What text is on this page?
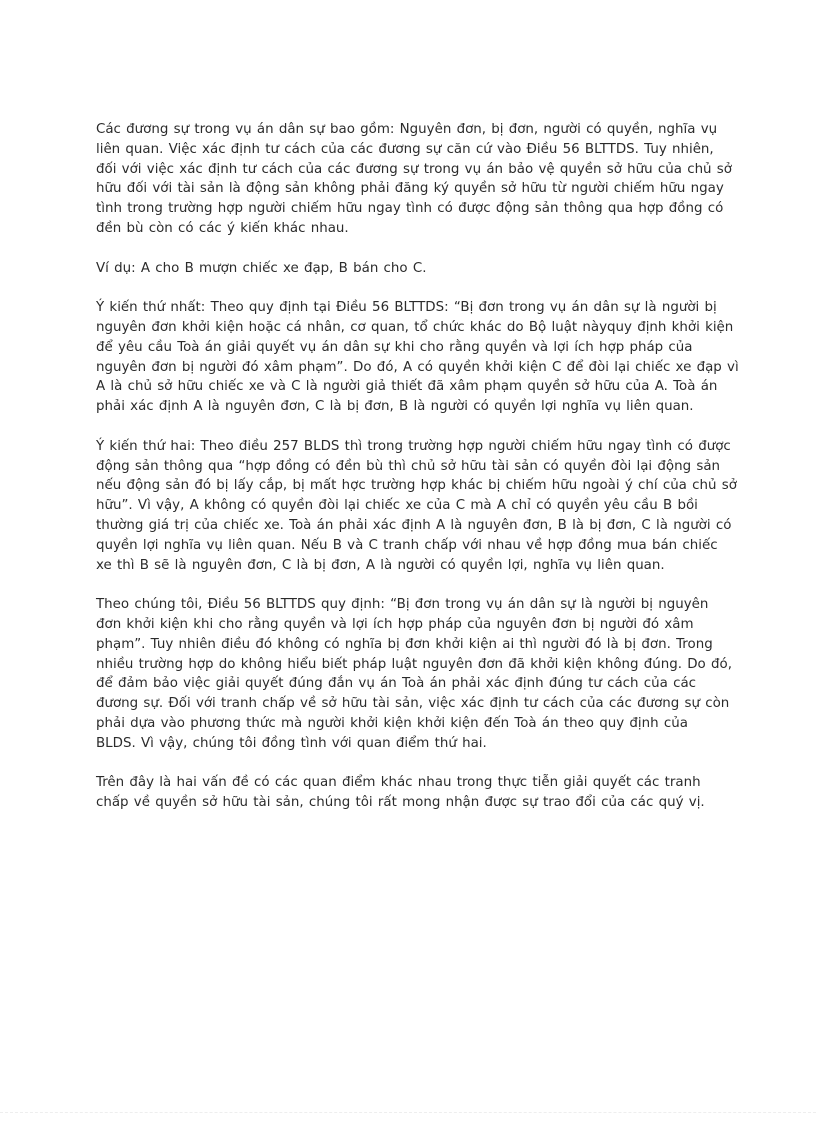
Các đương sự trong vụ án dân sự bao gồm: Nguyên đơn, bị đơn, người có quyền, nghĩa vụ
liên quan. Việc xác định tư cách của các đương sự căn cứ vào Điều 56 BLTTDS. Tuy nhiên,
đối với việc xác định tư cách của các đương sự trong vụ án bảo vệ quyền sở hữu của chủ sở
hữu đối với tài sản là động sản không phải đăng ký quyền sở hữu từ người chiếm hữu ngay
tình trong trường hợp người chiếm hữu ngay tình có được động sản thông qua hợp đồng có
đền bù còn có các ý kiến khác nhau.

Ví dụ: A cho B mượn chiếc xe đạp, B bán cho C.

Ý kiến thứ nhất: Theo quy định tại Điều 56 BLTTDS: “Bị đơn trong vụ án dân sự là người bị
nguyên đơn khởi kiện hoặc cá nhân, cơ quan, tổ chức khác do Bộ luật nàyquy định khởi kiện
để yêu cầu Toà án giải quyết vụ án dân sự khi cho rằng quyền và lợi ích hợp pháp của
nguyên đơn bị người đó xâm phạm”. Do đó, A có quyền khởi kiện C để đòi lại chiếc xe đạp vì
A là chủ sở hữu chiếc xe và C là người giả thiết đã xâm phạm quyền sở hữu của A. Toà án
phải xác định A là nguyên đơn, C là bị đơn, B là người có quyền lợi nghĩa vụ liên quan.

Ý kiến thứ hai: Theo điều 257 BLDS thì trong trường hợp người chiếm hữu ngay tình có được
động sản thông qua “hợp đồng có đền bù thì chủ sở hữu tài sản có quyền đòi lại động sản
nếu động sản đó bị lấy cắp, bị mất hợc trường hợp khác bị chiếm hữu ngoài ý chí của chủ sở
hữu”. Vì vậy, A không có quyền đòi lại chiếc xe của C mà A chỉ có quyền yêu cầu B bồi
thường giá trị của chiếc xe. Toà án phải xác định A là nguyên đơn, B là bị đơn, C là người có
quyền lợi nghĩa vụ liên quan. Nếu B và C tranh chấp với nhau về hợp đồng mua bán chiếc
xe thì B sẽ là nguyên đơn, C là bị đơn, A là người có quyền lợi, nghĩa vụ liên quan.

Theo chúng tôi, Điều 56 BLTTDS quy định: “Bị đơn trong vụ án dân sự là người bị nguyên
đơn khởi kiện khi cho rằng quyền và lợi ích hợp pháp của nguyên đơn bị người đó xâm
phạm”. Tuy nhiên điều đó không có nghĩa bị đơn khởi kiện ai thì người đó là bị đơn. Trong
nhiều trường hợp do không hiểu biết pháp luật nguyên đơn đã khởi kiện không đúng. Do đó,
để đảm bảo việc giải quyết đúng đắn vụ án Toà án phải xác định đúng tư cách của các
đương sự. Đối với tranh chấp về sở hữu tài sản, việc xác định tư cách của các đương sự còn
phải dựa vào phương thức mà người khởi kiện khởi kiện đến Toà án theo quy định của
BLDS. Vì vậy, chúng tôi đồng tình với quan điểm thứ hai.

Trên đây là hai vấn đề có các quan điểm khác nhau trong thực tiễn giải quyết các tranh
chấp về quyền sở hữu tài sản, chúng tôi rất mong nhận được sự trao đổi của các quý vị.
